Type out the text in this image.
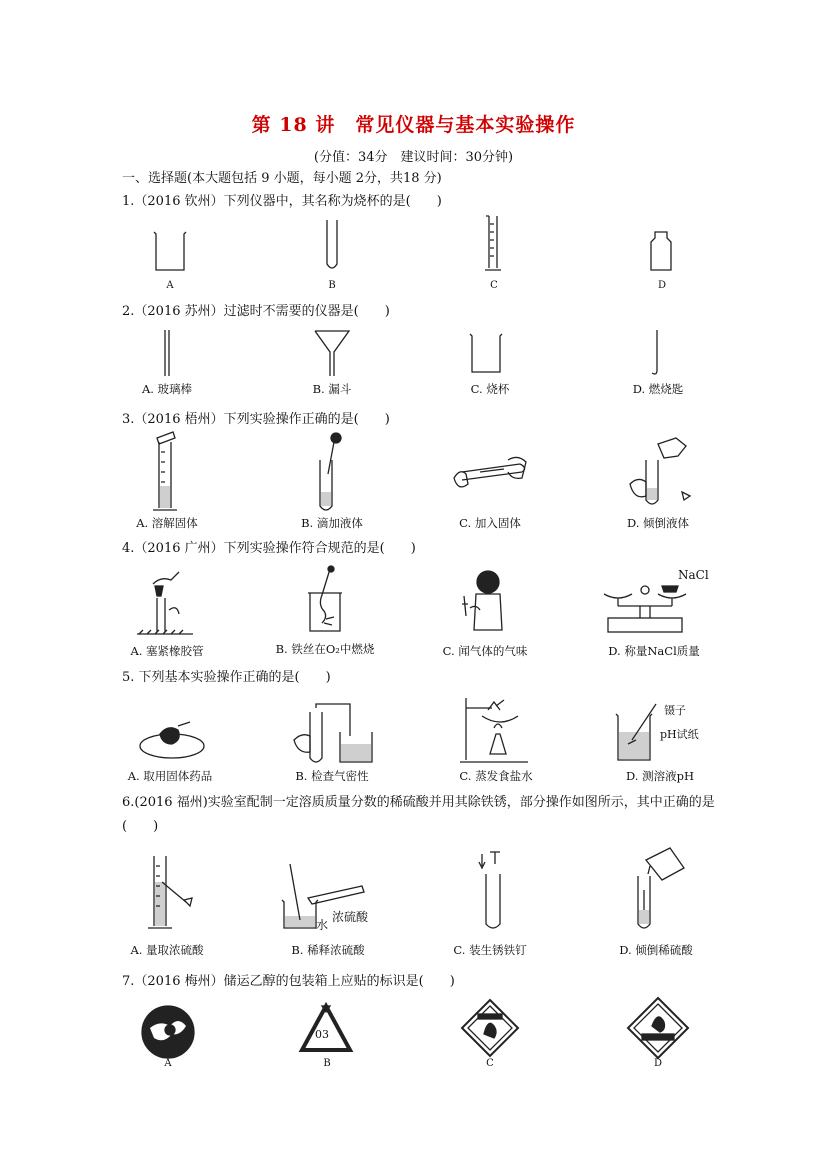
第 18 讲　常见仪器与基本实验操作
(分值：34分　建议时间：30分钟)
一、选择题(本大题包括 9 小题，每小题 2分，共18 分)
1.（2016 钦州）下列仪器中，其名称为烧杯的是(　　)
A	B	C	D
2.（2016 苏州）过滤时不需要的仪器是(　　)
A. 玻璃棒	B. 漏斗	C. 烧杯	D. 燃烧匙
3.（2016 梧州）下列实验操作正确的是(　　)
A. 溶解固体	B. 滴加液体	C. 加入固体	D. 倾倒液体
4.（2016 广州）下列实验操作符合规范的是(　　)
NaCl
A. 塞紧橡胶管	B. 铁丝在O₂中燃烧	C. 闻气体的气味	D. 称量NaCl质量
5. 下列基本实验操作正确的是(　　)
镊子
pH试纸
A. 取用固体药品	B. 检查气密性	C. 蒸发食盐水	D. 测溶液pH
6.(2016 福州)实验室配制一定溶质质量分数的稀硫酸并用其除铁锈，部分操作如图所示，其中正确的是(　　)
水
浓硫酸
A. 量取浓硫酸	B. 稀释浓硫酸	C. 装生锈铁钉	D. 倾倒稀硫酸
7.（2016 梅州）储运乙醇的包装箱上应贴的标识是(　　)
03
A	B	C	D
